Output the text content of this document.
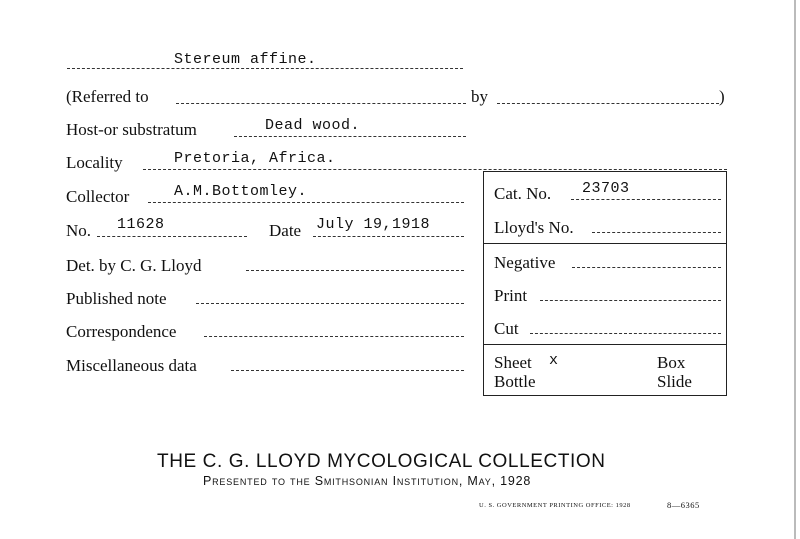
Stereum affine.
(Referred to	by	)
Host-or substratum	Dead wood.
Locality	Pretoria, Africa.
Collector	A.M.Bottomley.
No. 11628	Date July 19,1918
Det. by C. G. Lloyd
Published note
Correspondence
Miscellaneous data
Cat. No. 23703
Lloyd's No.
Negative
Print
Cut
Sheet x	Box
Bottle	Slide
THE C. G. LLOYD MYCOLOGICAL COLLECTION
Presented to the Smithsonian Institution, May, 1928
U. S. GOVERNMENT PRINTING OFFICE: 1928	8—6365
